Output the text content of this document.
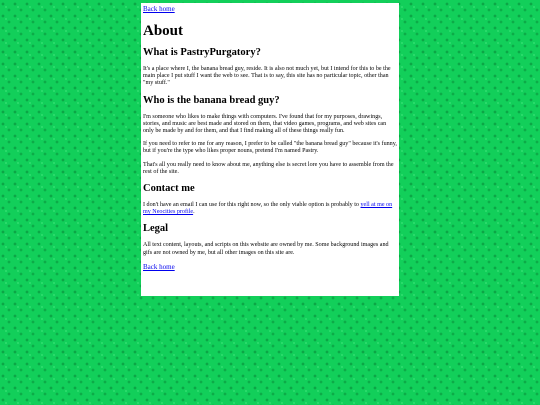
Back home
About
What is PastryPurgatory?

It's a place where I, the banana bread guy, reside. It is also not much yet, but I intend for this to be the main place I put stuff I want the web to see. That is to say, this site has no particular topic, other than "my stuff."

Who is the banana bread guy?

I'm someone who likes to make things with computers. I've found that for my purposes, drawings, stories, and music are best made and stored on them, that video games, programs, and web sites can only be made by and for them, and that I find making all of these things really fun.

If you need to refer to me for any reason, I prefer to be called "the banana bread guy" because it's funny, but if you're the type who likes proper nouns, pretend I'm named Pastry.

That's all you really need to know about me, anything else is secret lore you have to assemble from the rest of the site.

Contact me

I don't have an email I can use for this right now, so the only viable option is probably to yell at me on my Neocities profile.

Legal

All text content, layouts, and scripts on this website are owned by me. Some background images and gifs are not owned by me, but all other images on this site are.

Back home
